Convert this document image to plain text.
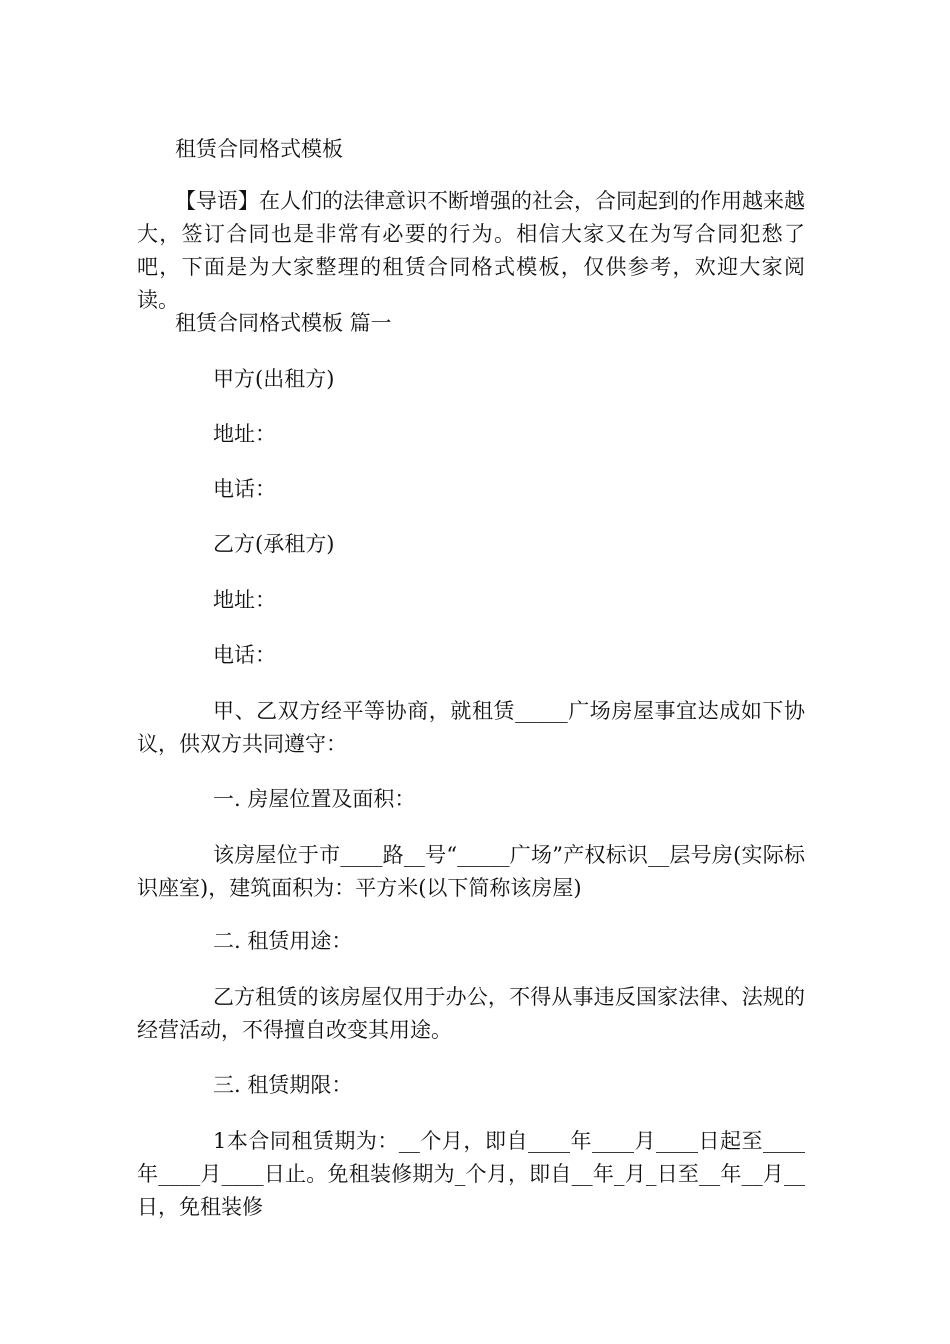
租赁合同格式模板

【导语】在人们的法律意识不断增强的社会，合同起到的作用越来越大，签订合同也是非常有必要的行为。相信大家又在为写合同犯愁了吧，下面是为大家整理的租赁合同格式模板，仅供参考，欢迎大家阅读。

租赁合同格式模板 篇一

甲方(出租方)

地址：

电话：

乙方(承租方)

地址：

电话：

甲、乙双方经平等协商，就租赁_____广场房屋事宜达成如下协议，供双方共同遵守：

一. 房屋位置及面积：

该房屋位于市____路__号“_____广场”产权标识__层号房(实际标识座室)，建筑面积为：平方米(以下简称该房屋)

二. 租赁用途：

乙方租赁的该房屋仅用于办公，不得从事违反国家法律、法规的经营活动，不得擅自改变其用途。

三. 租赁期限：

1本合同租赁期为：__个月，即自____年____月____日起至____年____月____日止。免租装修期为_个月，即自__年_月_日至__年__月__日，免租装修
